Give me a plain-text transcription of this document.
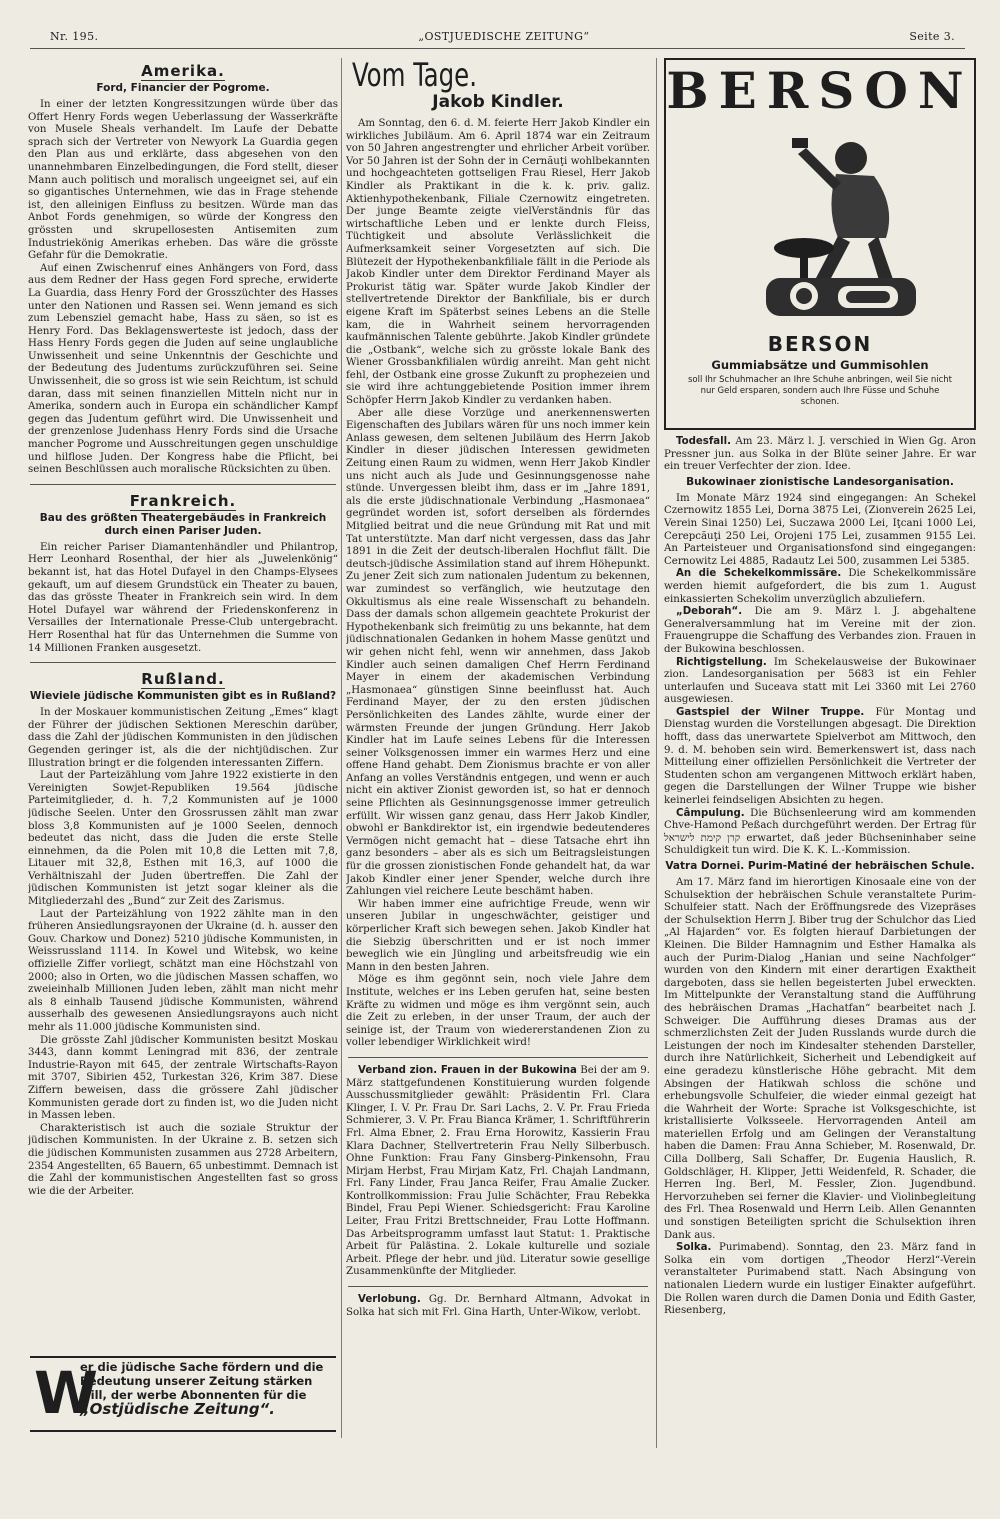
Nr. 195.	„OSTJUEDISCHE ZEITUNG“	Seite 3.
Amerika.
Ford, Financier der Pogrome.

In einer der letzten Kongressitzungen würde über das Offert Henry Fords wegen Ueberlassung der Wasserkräfte von Musele Sheals verhandelt. Im Laufe der Debatte sprach sich der Vertreter von Newyork La Guardia gegen den Plan aus und erklärte, dass abgesehen von den unannehmbaren Einzelbedingungen, die Ford stellt, dieser Mann auch politisch und moralisch ungeeignet sei, auf ein so gigantisches Unternehmen, wie das in Frage stehende ist, den alleinigen Einfluss zu besitzen. Würde man das Anbot Fords genehmigen, so würde der Kongress den grössten und skrupellosesten Antisemiten zum Industriekönig Amerikas erheben. Das wäre die grösste Gefahr für die Demokratie.

Auf einen Zwischenruf eines Anhängers von Ford, dass aus dem Redner der Hass gegen Ford spreche, erwiderte La Guardia, dass Henry Ford der Grosszüchter des Hasses unter den Nationen und Rassen sei. Wenn jemand es sich zum Lebensziel gemacht habe, Hass zu säen, so ist es Henry Ford. Das Beklagenswerteste ist jedoch, dass der Hass Henry Fords gegen die Juden auf seine unglaubliche Unwissenheit und seine Unkenntnis der Geschichte und der Bedeutung des Judentums zurückzuführen sei. Seine Unwissenheit, die so gross ist wie sein Reichtum, ist schuld daran, dass mit seinen finanziellen Mitteln nicht nur in Amerika, sondern auch in Europa ein schändlicher Kampf gegen das Judentum geführt wird. Die Unwissenheit und der grenzenlose Judenhass Henry Fords sind die Ursache mancher Pogrome und Ausschreitungen gegen unschuldige und hilflose Juden. Der Kongress habe die Pflicht, bei seinen Beschlüssen auch moralische Rücksichten zu üben.

Frankreich.
Bau des größten Theatergebäudes in Frankreich durch einen Pariser Juden.

Ein reicher Pariser Diamantenhändler und Philantrop, Herr Leonhard Rosenthal, der hier als „Juwelenkönig“ bekannt ist, hat das Hotel Dufayel in den Champs-Elysees gekauft, um auf diesem Grundstück ein Theater zu bauen, das das grösste Theater in Frankreich sein wird. In dem Hotel Dufayel war während der Friedenskonferenz in Versailles der Internationale Presse-Club untergebracht. Herr Rosenthal hat für das Unternehmen die Summe von 14 Millionen Franken ausgesetzt.

Rußland.
Wieviele jüdische Kommunisten gibt es in Rußland?

In der Moskauer kommunistischen Zeitung „Emes“ klagt der Führer der jüdischen Sektionen Mereschin darüber, dass die Zahl der jüdischen Kommunisten in den jüdischen Gegenden geringer ist, als die der nichtjüdischen. Zur Illustration bringt er die folgenden interessanten Ziffern.

Laut der Parteizählung vom Jahre 1922 existierte in den Vereinigten Sowjet-Republiken 19.564 jüdische Parteimitglieder, d. h. 7,2 Kommunisten auf je 1000 jüdische Seelen. Unter den Grossrussen zählt man zwar bloss 3,8 Kommunisten auf je 1000 Seelen, dennoch bedeutet das nicht, dass die Juden die erste Stelle einnehmen, da die Polen mit 10,8 die Letten mit 7,8, Litauer mit 32,8, Esthen mit 16,3, auf 1000 die Verhältniszahl der Juden übertreffen. Die Zahl der jüdischen Kommunisten ist jetzt sogar kleiner als die Mitgliederzahl des „Bund“ zur Zeit des Zarismus.

Laut der Parteizählung von 1922 zählte man in den früheren Ansiedlungsrayonen der Ukraine (d. h. ausser den Gouv. Charkow und Donez) 5210 jüdische Kommunisten, in Weissrussland 1114. In Kowel und Witebsk, wo keine offizielle Ziffer vorliegt, schätzt man eine Höchstzahl von 2000; also in Orten, wo die jüdischen Massen schaffen, wo zweieinhalb Millionen Juden leben, zählt man nicht mehr als 8 einhalb Tausend jüdische Kommunisten, während ausserhalb des gewesenen Ansiedlungsrayons auch nicht mehr als 11.000 jüdische Kommunisten sind.

Die grösste Zahl jüdischer Kommunisten besitzt Moskau 3443, dann kommt Leningrad mit 836, der zentrale Industrie-Rayon mit 645, der zentrale Wirtschafts-Rayon mit 3707, Sibirien 452, Turkestan 326, Krim 387. Diese Ziffern beweisen, dass die grössere Zahl jüdischer Kommunisten gerade dort zu finden ist, wo die Juden nicht in Massen leben.

Charakteristisch ist auch die soziale Struktur der jüdischen Kommunisten. In der Ukraine z. B. setzen sich die jüdischen Kommunisten zusammen aus 2728 Arbeitern, 2354 Angestellten, 65 Bauern, 65 unbestimmt. Demnach ist die Zahl der kommunistischen Angestellten fast so gross wie die der Arbeiter.

W
er die jüdische Sache fördern und die Bedeutung unserer Zeitung stärken will, der werbe Abonnenten für die
„Ostjüdische Zeitung“.
Vom Tage.
Jakob Kindler.

Am Sonntag, den 6. d. M. feierte Herr Jakob Kindler ein wirkliches Jubiläum. Am 6. April 1874 war ein Zeitraum von 50 Jahren angestrengter und ehrlicher Arbeit vorüber. Vor 50 Jahren ist der Sohn der in Cernăuţi wohlbekannten und hochgeachteten gottseligen Frau Riesel, Herr Jakob Kindler als Praktikant in die k. k. priv. galiz. Aktienhypothekenbank, Filiale Czernowitz eingetreten. Der junge Beamte zeigte vielVerständnis für das wirtschaftliche Leben und er lenkte durch Fleiss, Tüchtigkeit und absolute Verlässlichkeit die Aufmerksamkeit seiner Vorgesetzten auf sich. Die Blütezeit der Hypothekenbankfiliale fällt in die Periode als Jakob Kindler unter dem Direktor Ferdinand Mayer als Prokurist tätig war. Später wurde Jakob Kindler der stellvertretende Direktor der Bankfiliale, bis er durch eigene Kraft im Späterbst seines Lebens an die Stelle kam, die in Wahrheit seinem hervorragenden kaufmännischen Talente gebührte. Jakob Kindler gründete die „Ostbank“, welche sich zu grösste lokale Bank des Wiener Grossbankfilialen würdig anreiht. Man geht nicht fehl, der Ostbank eine grosse Zukunft zu prophezeien und sie wird ihre achtunggebietende Position immer ihrem Schöpfer Herrn Jakob Kindler zu verdanken haben.

Aber alle diese Vorzüge und anerkennenswerten Eigenschaften des Jubilars wären für uns noch immer kein Anlass gewesen, dem seltenen Jubiläum des Herrn Jakob Kindler in dieser jüdischen Interessen gewidmeten Zeitung einen Raum zu widmen, wenn Herr Jakob Kindler uns nicht auch als Jude und Gesinnungsgenosse nahe stünde. Unvergessen bleibt ihm, dass er im „Jahre 1891, als die erste jüdischnationale Verbindung „Hasmonaea“ gegründet worden ist, sofort derselben als förderndes Mitglied beitrat und die neue Gründung mit Rat und mit Tat unterstützte. Man darf nicht vergessen, dass das Jahr 1891 in die Zeit der deutsch-liberalen Hochflut fällt. Die deutsch-jüdische Assimilation stand auf ihrem Höhepunkt. Zu jener Zeit sich zum nationalen Judentum zu bekennen, war zumindest so verfänglich, wie heutzutage den Okkultismus als eine reale Wissenschaft zu behandeln. Dass der damals schon allgemein geachtete Prokurist der Hypothekenbank sich freimütig zu uns bekannte, hat dem jüdischnationalen Gedanken in hohem Masse genützt und wir gehen nicht fehl, wenn wir annehmen, dass Jakob Kindler auch seinen damaligen Chef Herrn Ferdinand Mayer in einem der akademischen Verbindung „Hasmonaea“ günstigen Sinne beeinflusst hat. Auch Ferdinand Mayer, der zu den ersten jüdischen Persönlichkeiten des Landes zählte, wurde einer der wärmsten Freunde der jungen Gründung. Herr Jakob Kindler hat im Laufe seines Lebens für die Interessen seiner Volksgenossen immer ein warmes Herz und eine offene Hand gehabt. Dem Zionismus brachte er von aller Anfang an volles Verständnis entgegen, und wenn er auch nicht ein aktiver Zionist geworden ist, so hat er dennoch seine Pflichten als Gesinnungsgenosse immer getreulich erfüllt. Wir wissen ganz genau, dass Herr Jakob Kindler, obwohl er Bankdirektor ist, ein irgendwie bedeutenderes Vermögen nicht gemacht hat – diese Tatsache ehrt ihn ganz besonders – aber als es sich um Beitragsleistungen für die grossen zionistischen Fonde gehandelt hat, da war Jakob Kindler einer jener Spender, welche durch ihre Zahlungen viel reichere Leute beschämt haben.

Wir haben immer eine aufrichtige Freude, wenn wir unseren Jubilar in ungeschwächter, geistiger und körperlicher Kraft sich bewegen sehen. Jakob Kindler hat die Siebzig überschritten und er ist noch immer beweglich wie ein Jüngling und arbeitsfreudig wie ein Mann in den besten Jahren.

Möge es ihm gegönnt sein, noch viele Jahre dem Institute, welches er ins Leben gerufen hat, seine besten Kräfte zu widmen und möge es ihm vergönnt sein, auch die Zeit zu erleben, in der unser Traum, der auch der seinige ist, der Traum von wiedererstandenen Zion zu voller lebendiger Wirklichkeit wird!

Verband zion. Frauen in der Bukowina Bei der am 9. März stattgefundenen Konstituierung wurden folgende Ausschussmitglieder gewählt: Präsidentin Frl. Clara Klinger, I. V. Pr. Frau Dr. Sari Lachs, 2. V. Pr. Frau Frieda Schmierer, 3. V. Pr. Frau Bianca Krämer, 1. Schriftführerin Frl. Alma Ebner, 2. Frau Erna Horowitz, Kassierin Frau Klara Dachner, Stellvertreterin Frau Nelly Silberbusch. Ohne Funktion: Frau Fany Ginsberg-Pinkensohn, Frau Mirjam Herbst, Frau Mirjam Katz, Frl. Chajah Landmann, Frl. Fany Linder, Frau Janca Reifer, Frau Amalie Zucker. Kontrollkommission: Frau Julie Schächter, Frau Rebekka Bindel, Frau Pepi Wiener. Schiedsgericht: Frau Karoline Leiter, Frau Fritzi Brettschneider, Frau Lotte Hoffmann. Das Arbeitsprogramm umfasst laut Statut: 1. Praktische Arbeit für Palästina. 2. Lokale kulturelle und soziale Arbeit. Pflege der hebr. und jüd. Literatur sowie gesellige Zusammenkünfte der Mitglieder.

Verlobung. Gg. Dr. Bernhard Altmann, Advokat in Solka hat sich mit Frl. Gina Harth, Unter-Wikow, verlobt.

BERSON
BERSON
Gummiabsätze und Gummisohlen
soll Ihr Schuhmacher an Ihre Schuhe anbringen, weil Sie nicht nur Geld ersparen, sondern auch Ihre Füsse und Schuhe schonen.

Todesfall. Am 23. März l. J. verschied in Wien Gg. Aron Pressner jun. aus Solka in der Blüte seiner Jahre. Er war ein treuer Verfechter der zion. Idee.

Bukowinaer zionistische Landesorganisation.

Im Monate März 1924 sind eingegangen: An Schekel Czernowitz 1855 Lei, Dorna 3875 Lei, (Zionverein 2625 Lei, Verein Sinai 1250) Lei, Suczawa 2000 Lei, Iţcani 1000 Lei, Cerepcăuţi 250 Lei, Orojeni 175 Lei, zusammen 9155 Lei. An Parteisteuer und Organisationsfond sind eingegangen: Cernowitz Lei 4885, Radautz Lei 500, zusammen Lei 5385.

An die Schekelkommissäre. Die Schekelkommissäre werden hiemit aufgefordert, die bis zum 1. August einkassierten Schekolim unverzüglich abzuliefern.

„Deborah“. Die am 9. März l. J. abgehaltene Generalversammlung hat im Vereine mit der zion. Frauengruppe die Schaffung des Verbandes zion. Frauen in der Bukowina beschlossen.

Richtigstellung. Im Schekelausweise der Bukowinaer zion. Landesorganisation per 5683 ist ein Fehler unterlaufen und Suceava statt mit Lei 3360 mit Lei 2760 ausgewiesen.

Gastspiel der Wilner Truppe. Für Montag und Dienstag wurden die Vorstellungen abgesagt. Die Direktion hofft, dass das unerwartete Spielverbot am Mittwoch, den 9. d. M. behoben sein wird. Bemerkenswert ist, dass nach Mitteilung einer offiziellen Persönlichkeit die Vertreter der Studenten schon am vergangenen Mittwoch erklärt haben, gegen die Darstellungen der Wilner Truppe wie bisher keinerlei feindseligen Absichten zu hegen.

Câmpulung. Die Büchsenleerung wird am kommenden Chve-Hamond Peßach durchgeführt werden. Der Ertrag für קרן קימת לישראל erwartet, daß jeder Büchseninhaber seine Schuldigkeit tun wird. Die K. K. L.-Kommission.

Vatra Dornei. Purim-Matiné der hebräischen Schule.

Am 17. März fand im hierortigen Kinosaale eine von der Schulsektion der hebräischen Schule veranstaltete Purim-Schulfeier statt. Nach der Eröffnungsrede des Vizepräses der Schulsektion Herrn J. Biber trug der Schulchor das Lied „Al Hajarden“ vor. Es folgten hierauf Darbietungen der Kleinen. Die Bilder Hamnagnim und Esther Hamalka als auch der Purim-Dialog „Hanian und seine Nachfolger“ wurden von den Kindern mit einer derartigen Exaktheit dargeboten, dass sie hellen begeisterten Jubel erweckten. Im Mittelpunkte der Veranstaltung stand die Aufführung des hebräischen Dramas „Hachatfan“ bearbeitet nach J. Schweiger. Die Aufführung dieses Dramas aus der schmerzlichsten Zeit der Juden Russlands wurde durch die Leistungen der noch im Kindesalter stehenden Darsteller, durch ihre Natürlichkeit, Sicherheit und Lebendigkeit auf eine geradezu künstlerische Höhe gebracht. Mit dem Absingen der Hatikwah schloss die schöne und erhebungsvolle Schulfeier, die wieder einmal gezeigt hat die Wahrheit der Worte: Sprache ist Volksgeschichte, ist kristallisierte Volksseele. Hervorragenden Anteil am materiellen Erfolg und am Gelingen der Veranstaltung haben die Damen: Frau Anna Schieber, M. Rosenwald, Dr. Cilla Dollberg, Sali Schaffer, Dr. Eugenia Hauslich, R. Goldschläger, H. Klipper, Jetti Weidenfeld, R. Schader, die Herren Ing. Berl, M. Fessler, Zion. Jugendbund. Hervorzuheben sei ferner die Klavier- und Violinbegleitung des Frl. Thea Rosenwald und Herrn Leib. Allen Genannten und sonstigen Beteiligten spricht die Schulsektion ihren Dank aus.

Solka. Purimabend). Sonntag, den 23. März fand in Solka ein vom dortigen „Theodor Herzl“-Verein veranstalteter Purimabend statt. Nach Absingung von nationalen Liedern wurde ein lustiger Einakter aufgeführt. Die Rollen waren durch die Damen Donia und Edith Gaster, Riesenberg,
